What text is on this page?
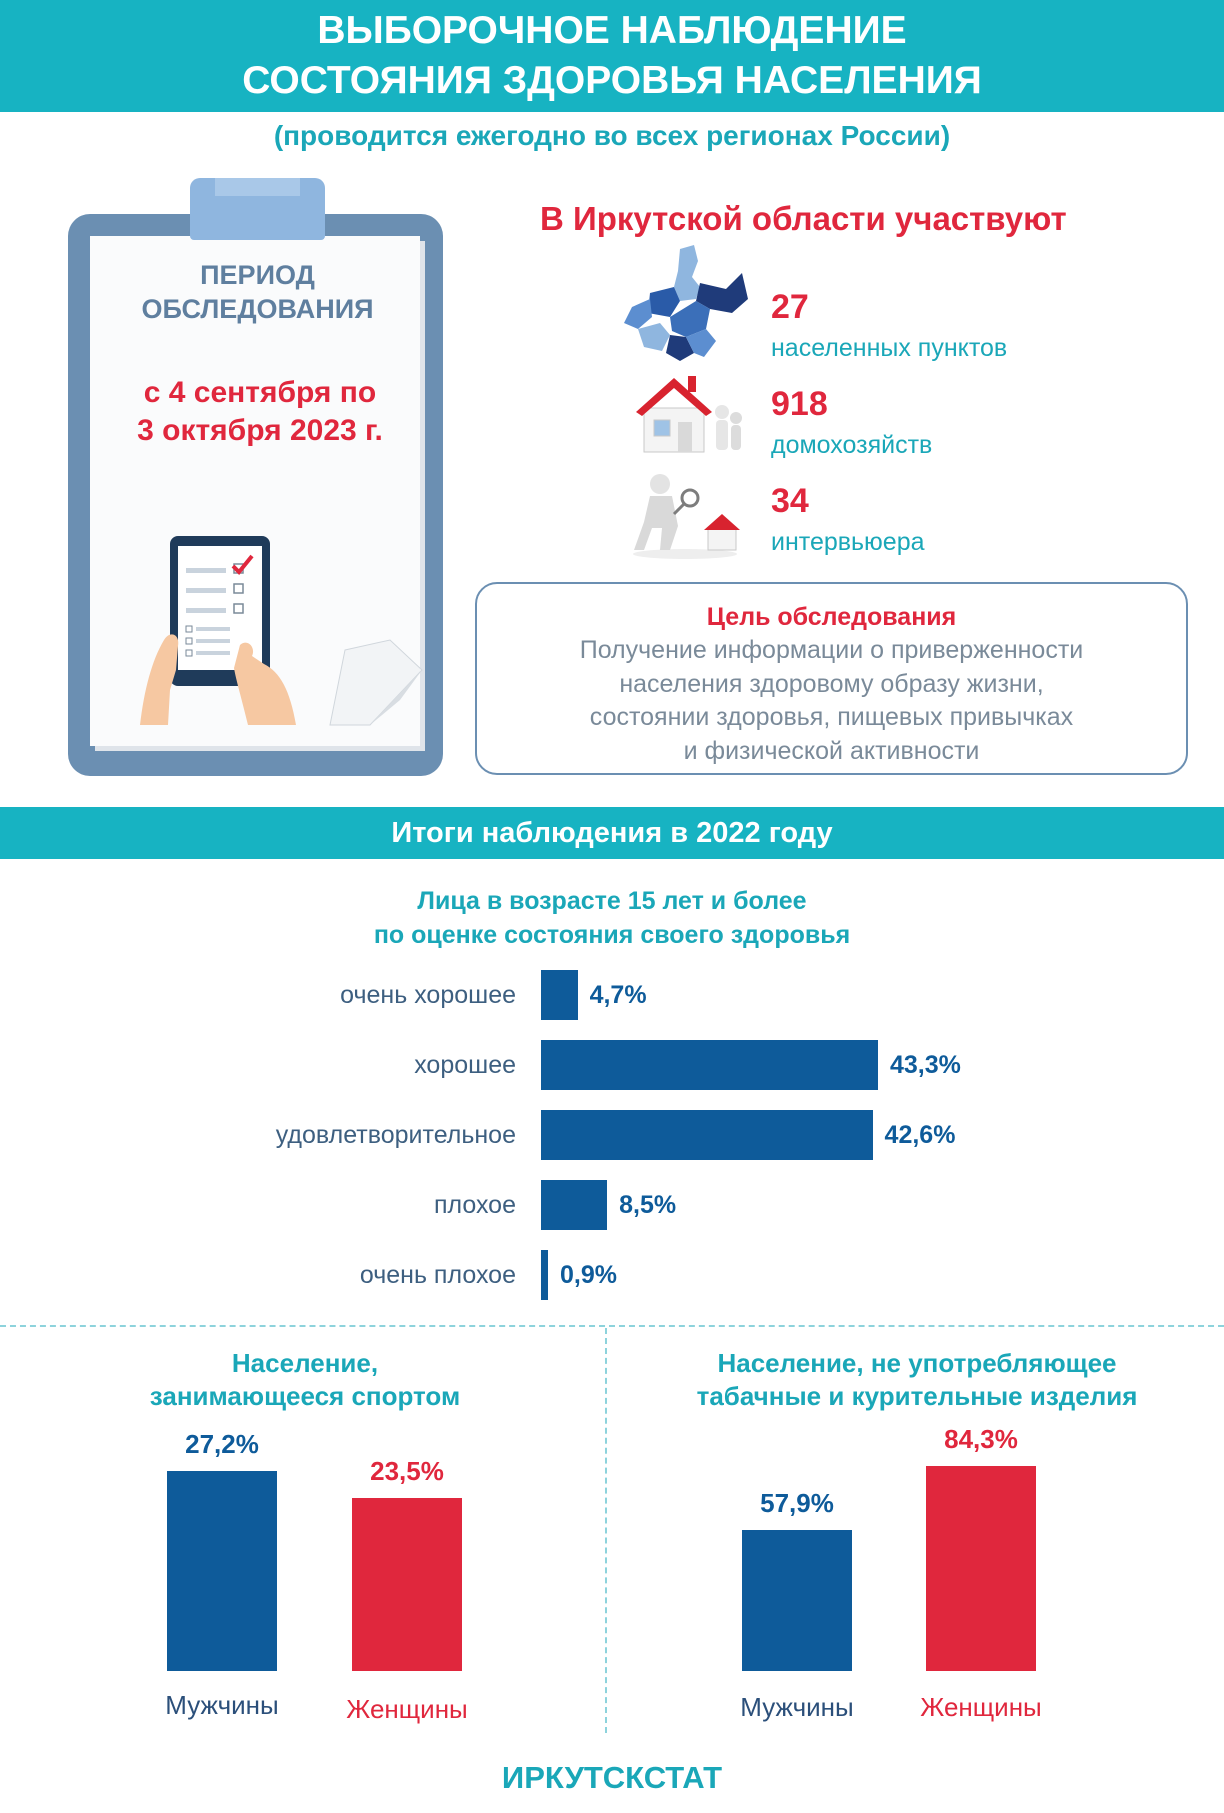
ВЫБОРОЧНОЕ НАБЛЮДЕНИЕ
СОСТОЯНИЯ ЗДОРОВЬЯ НАСЕЛЕНИЯ
(проводится ежегодно во всех регионах России)
ПЕРИОД
ОБСЛЕДОВАНИЯ
с 4 сентября по
3 октября 2023 г.
В Иркутской области участвуют
27
населенных пунктов
918
домохозяйств
34
интервьюера
Цель обследования
Получение информации о приверженности
населения здоровому образу жизни,
состоянии здоровья, пищевых привычках
и физической активности
Итоги наблюдения в 2022 году
Лица в возрасте 15 лет и более
по оценке состояния своего здоровья
очень хорошее	4,7%
хорошее	43,3%
удовлетворительное	42,6%
плохое	8,5%
очень плохое 0,9%
Население,
занимающееся спортом
Население, не употребляющее
табачные и курительные изделия
27,2%
Мужчины
23,5%
Женщины
57,9%
Мужчины
84,3%
Женщины
ИРКУТСКСТАТ
